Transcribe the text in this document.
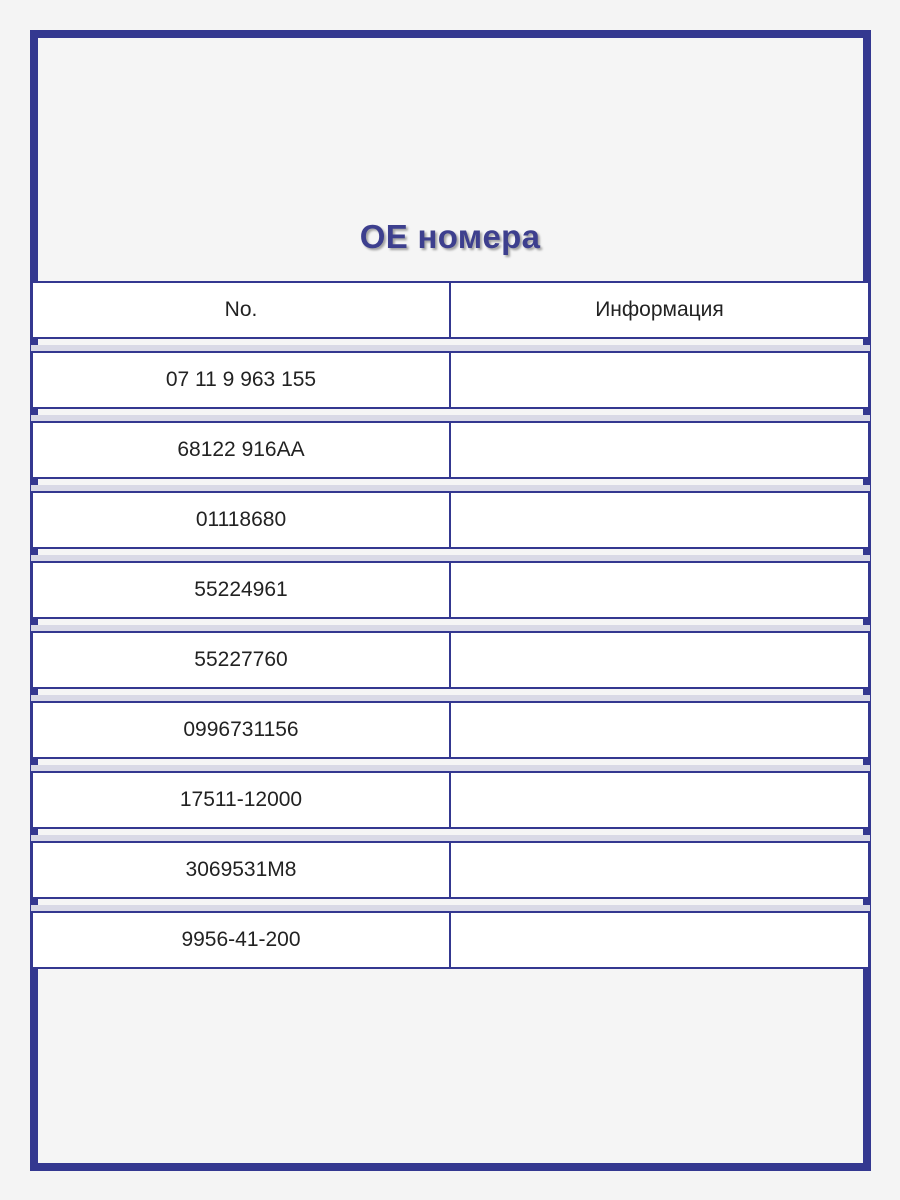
OE номера
No.	Информация
07 11 9 963 155
68122 916AA
01118680
55224961
55227760
0996731156
17511-12000
3069531M8
9956-41-200
